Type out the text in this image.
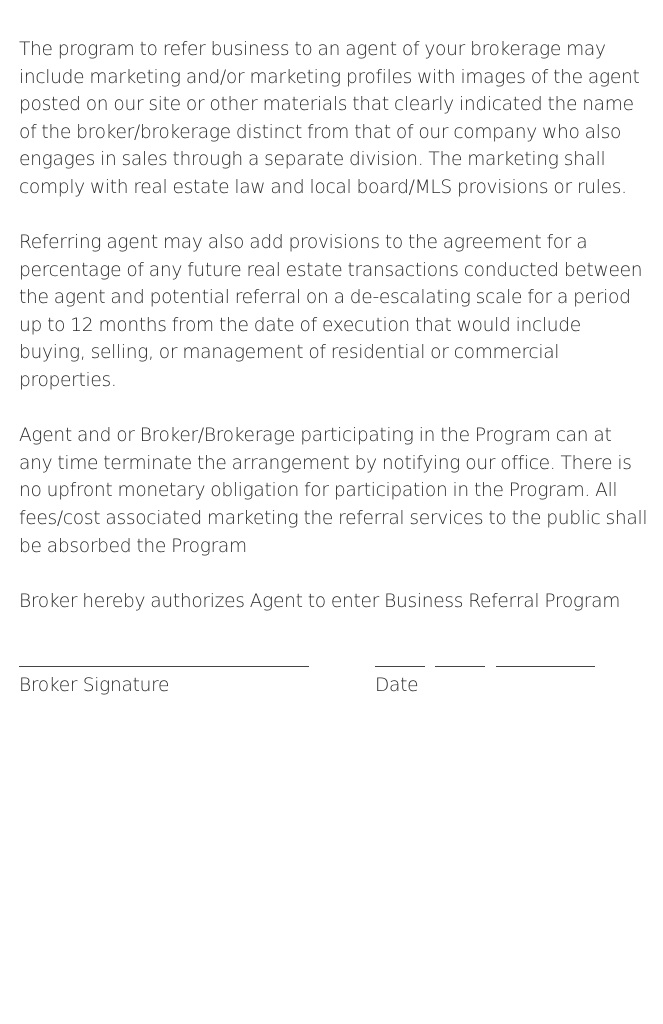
The program to refer business to an agent of your brokerage may
include marketing and/or marketing profiles with images of the agent
posted on our site or other materials that clearly indicated the name
of the broker/brokerage distinct from that of our company who also
engages in sales through a separate division. The marketing shall
comply with real estate law and local board/MLS provisions or rules.

Referring agent may also add provisions to the agreement for a
percentage of any future real estate transactions conducted between
the agent and potential referral on a de-escalating scale for a period
up to 12 months from the date of execution that would include
buying, selling, or management of residential or commercial
properties.

Agent and or Broker/Brokerage participating in the Program can at
any time terminate the arrangement by notifying our office. There is
no upfront monetary obligation for participation in the Program. All
fees/cost associated marketing the referral services to the public shall
be absorbed the Program

Broker hereby authorizes Agent to enter Business Referral Program

Broker Signature	Date
